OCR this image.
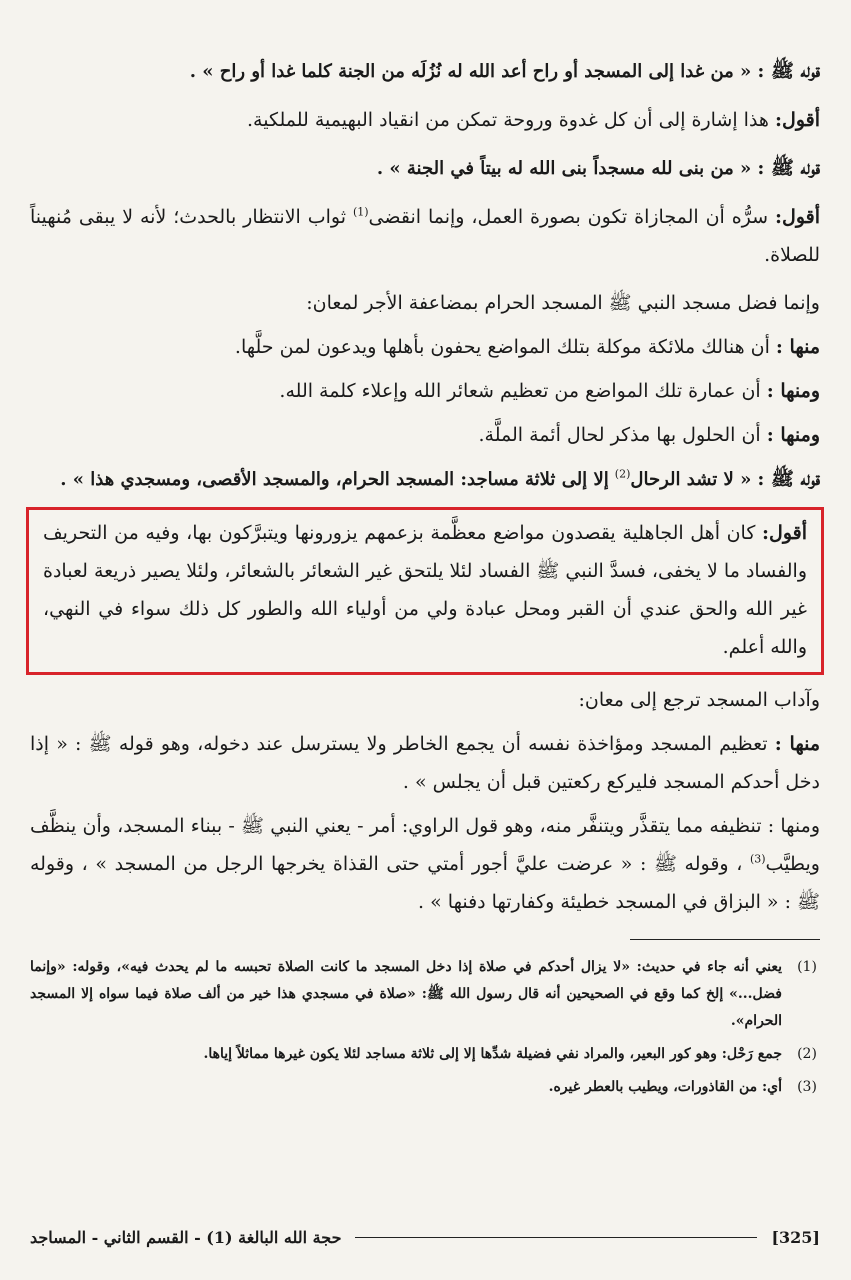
قوله ﷺ : « من غدا إلى المسجد أو راح أعد الله له نُزُلَه من الجنة كلما غدا أو راح » .

أقول: هذا إشارة إلى أن كل غدوة وروحة تمكن من انقياد البهيمية للملكية.

قوله ﷺ : « من بنى لله مسجداً بنى الله له بيتاً في الجنة » .

أقول: سرُّه أن المجازاة تكون بصورة العمل، وإنما انقضى$^{(1)}$ ثواب الانتظار بالحدث؛ لأنه لا يبقى مُنهيناً للصلاة.

وإنما فضل مسجد النبي ﷺ المسجد الحرام بمضاعفة الأجر لمعان:

منها : أن هنالك ملائكة موكلة بتلك المواضع يحفون بأهلها ويدعون لمن حلَّها.

ومنها : أن عمارة تلك المواضع من تعظيم شعائر الله وإعلاء كلمة الله.

ومنها : أن الحلول بها مذكر لحال أئمة الملَّة.

قوله ﷺ : « لا تشد الرحال$^{(2)}$ إلا إلى ثلاثة مساجد: المسجد الحرام، والمسجد الأقصى، ومسجدي هذا » .

أقول: كان أهل الجاهلية يقصدون مواضع معظَّمة بزعمهم يزورونها ويتبرَّكون بها، وفيه من التحريف والفساد ما لا يخفى، فسدَّ النبي ﷺ الفساد لئلا يلتحق غير الشعائر بالشعائر، ولئلا يصير ذريعة لعبادة غير الله والحق عندي أن القبر ومحل عبادة ولي من أولياء الله والطور كل ذلك سواء في النهي، والله أعلم.

وآداب المسجد ترجع إلى معان:

منها : تعظيم المسجد ومؤاخذة نفسه أن يجمع الخاطر ولا يسترسل عند دخوله، وهو قوله ﷺ : « إذا دخل أحدكم المسجد فليركع ركعتين قبل أن يجلس » .

ومنها : تنظيفه مما يتقذَّر ويتنفَّر منه، وهو قول الراوي: أمر - يعني النبي ﷺ - ببناء المسجد، وأن ينظَّف ويطيَّب$^{(3)}$ ، وقوله ﷺ : « عرضت عليَّ أجور أمتي حتى القذاة يخرجها الرجل من المسجد » ، وقوله ﷺ : « البزاق في المسجد خطيئة وكفارتها دفنها » .

(1)
يعني أنه جاء في حديث: «لا يزال أحدكم في صلاة إذا دخل المسجد ما كانت الصلاة تحبسه ما لم يحدث فيه»، وقوله: «وإنما فضل...» إلخ كما وقع في الصحيحين أنه قال رسول الله ﷺ: «صلاة في مسجدي هذا خير من ألف صلاة فيما سواه إلا المسجد الحرام».
(2)
جمع رَحْل: وهو كور البعير، والمراد نفي فضيلة شدِّها إلا إلى ثلاثة مساجد لئلا يكون غيرها مماثلاً إياها.
(3)
أي: من القاذورات، ويطيب بالعطر غيره.
[325]
حجة الله البالغة (1) - القسم الثاني - المساجد
